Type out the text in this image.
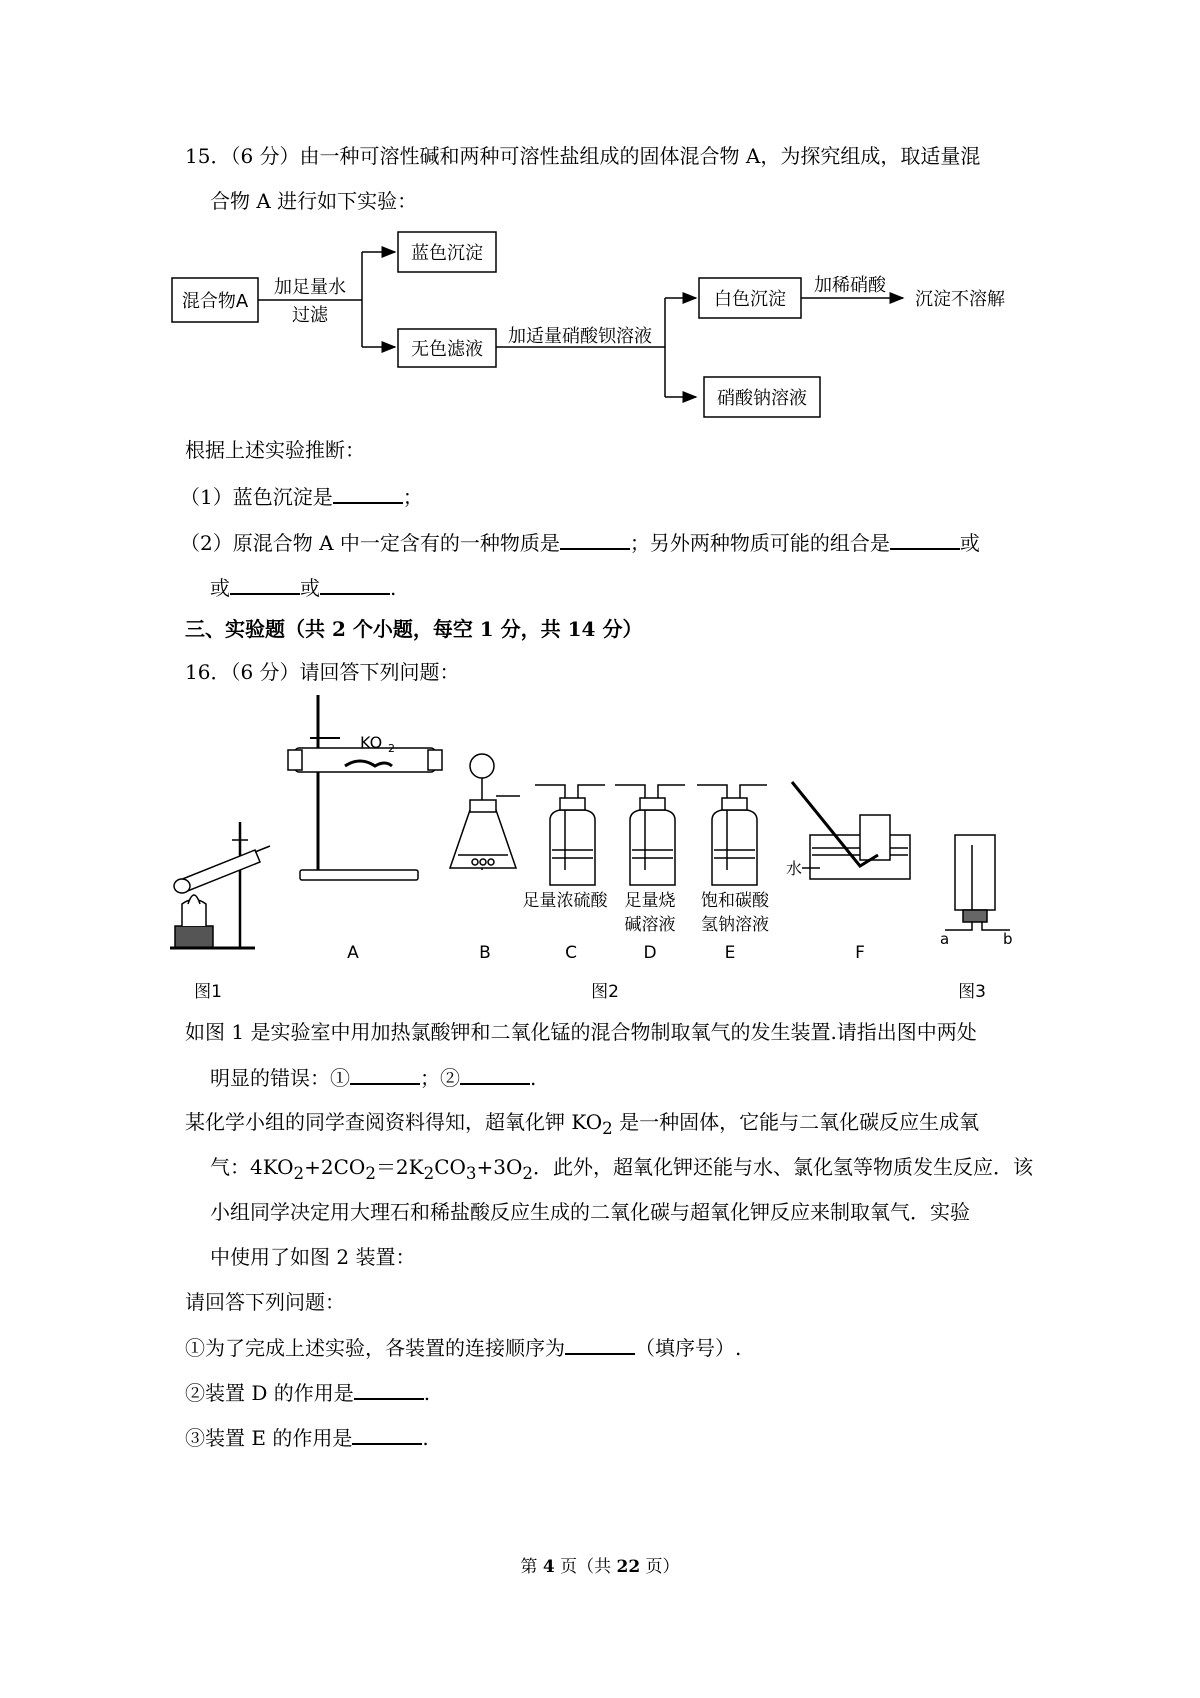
15．（6 分）由一种可溶性碱和两种可溶性盐组成的固体混合物 A，为探究组成，取适量混
合物 A 进行如下实验：
混合物A
加足量水
过滤
蓝色沉淀
无色滤液
加适量硝酸钡溶液
白色沉淀
加稀硝酸
沉淀不溶解
硝酸钠溶液
根据上述实验推断：
（1）蓝色沉淀是	；
（2）原混合物 A 中一定含有的一种物质是	；另外两种物质可能的组合是	或
或	或	.
三、实验题（共 2 个小题，每空 1 分，共 14 分）
16．（6 分）请回答下列问题：
KO 2
水
a	b
足量浓硫酸 足量烧
碱溶液
饱和碳酸
氢钠溶液
A	B	C	D	E	F
图1	图2	图3
如图 1 是实验室中用加热氯酸钾和二氧化锰的混合物制取氧气的发生装置.请指出图中两处
明显的错误：①	；②	.
某化学小组的同学查阅资料得知，超氧化钾 $KO_2$ 是一种固体，它能与二氧化碳反应生成氧
气：$4KO_2+2CO_2=2K_2CO_3+3O_2$．此外，超氧化钾还能与水、氯化氢等物质发生反应．该
小组同学决定用大理石和稀盐酸反应生成的二氧化碳与超氧化钾反应来制取氧气．实验
中使用了如图 2 装置：
请回答下列问题：
①为了完成上述实验，各装置的连接顺序为	（填序号）.
②装置 D 的作用是	.
③装置 E 的作用是	.
第 4 页（共 22 页）
